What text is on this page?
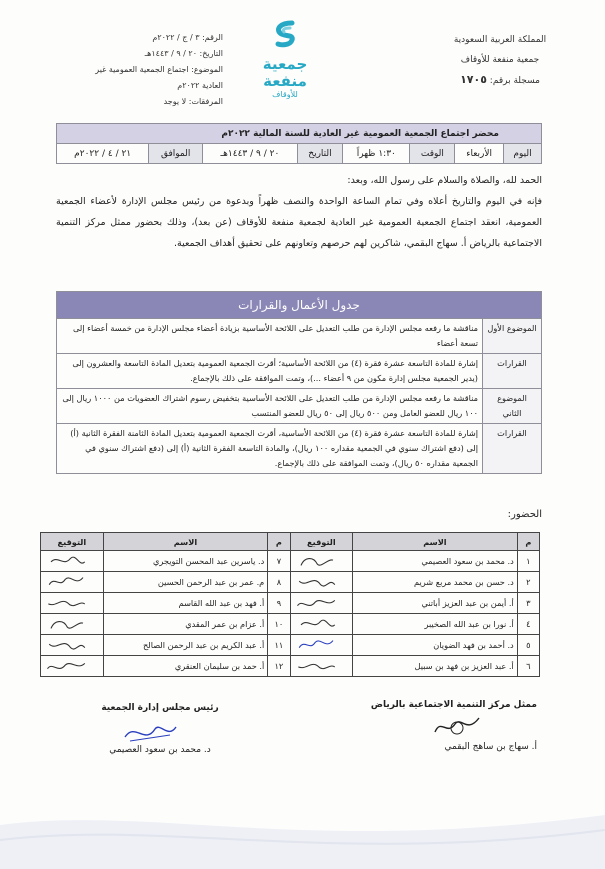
المملكة العربية السعودية
جمعية منفعة للأوقاف
مسجلة برقم: ١٧٠٥
جمعية
منفعة
للأوقاف
الرقم: ٣ / ج / ٢٠٢٢م
التاريخ: ٢٠ / ٩ / ١٤٤٣هـ
الموضوع: اجتماع الجمعية العمومية غير العادية ٢٠٢٢م
المرفقات: لا يوجد
محضر اجتماع الجمعية العمومية غير العادية للسنة المالية ٢٠٢٢م
اليوم	الأربعاء	الوقت	١:٣٠ ظهراً	التاريخ	٢٠ / ٩ / ١٤٤٣هـ	الموافق	٢١ / ٤ / ٢٠٢٢م

الحمد لله، والصلاة والسلام على رسول الله، وبعد:

فإنه في اليوم والتاريخ أعلاه وفي تمام الساعة الواحدة والنصف ظهراً وبدعوة من رئيس مجلس الإدارة لأعضاء الجمعية العمومية، انعقد اجتماع الجمعية العمومية غير العادية لجمعية منفعة للأوقاف (عن بعد)، وذلك بحضور ممثل مركز التنمية الاجتماعية بالرياض أ. سهاج البقمي، شاكرين لهم حرصهم وتعاونهم على تحقيق أهداف الجمعية.

جدول الأعمال والقرارات	
الموضوع الأول	مناقشة ما رفعه مجلس الإدارة من طلب التعديل على اللائحة الأساسية بزيادة أعضاء مجلس الإدارة من خمسة أعضاء إلى تسعة أعضاء
القرارات	إشارة للمادة التاسعة عشرة فقرة (٤) من اللائحة الأساسية؛ أقرت الجمعية العمومية بتعديل المادة التاسعة والعشرون إلى (يدير الجمعية مجلس إدارة مكون من ٩ أعضاء ...)، وتمت الموافقة على ذلك بالإجماع.
الموضوع الثاني	مناقشة ما رفعه مجلس الإدارة من طلب التعديل على اللائحة الأساسية بتخفيض رسوم اشتراك العضويات من ١٠٠٠ ريال إلى ١٠٠ ريال للعضو العامل ومن ٥٠٠ ريال إلى ٥٠ ريال للعضو المنتسب
القرارات	إشارة للمادة التاسعة عشرة فقرة (٤) من اللائحة الأساسية، أقرت الجمعية العمومية بتعديل المادة الثامنة الفقرة الثانية (أ) إلى (دفع اشتراك سنوي في الجمعية مقداره ١٠٠ ريال)، والمادة التاسعة الفقرة الثانية (أ) إلى (دفع اشتراك سنوي في الجمعية مقداره ٥٠ ريال)، وتمت الموافقة على ذلك بالإجماع.
الحضور:
م	الاسم	التوقيع	م	الاسم	التوقيع
١	د. محمد بن سعود العصيمي		٧	د. ياسرين عبد المحسن التويجري	

٢	د. حسن بن محمد مربع شريم		٨	م. عمر بن عبد الرحمن الحسين	

٣	أ. أيمن بن عبد العزيز أباتني		٩	أ. فهد بن عبد الله القاسم	

٤	أ. نورا بن عبد الله الصخيبر		١٠	أ. عزام بن عمر المقدي	

٥	د. أحمد بن فهد الضويان		١١	أ. عبد الكريم بن عبد الرحمن الصالح	

٦	أ. عبد العزيز بن فهد بن سبيل		١٢	أ. حمد بن سليمان العنقري	
رئيس مجلس إدارة الجمعية
د. محمد بن سعود العصيمي
ممثل مركز التنمية الاجتماعية بالرياض
أ. سهاج بن ساهج البقمي
